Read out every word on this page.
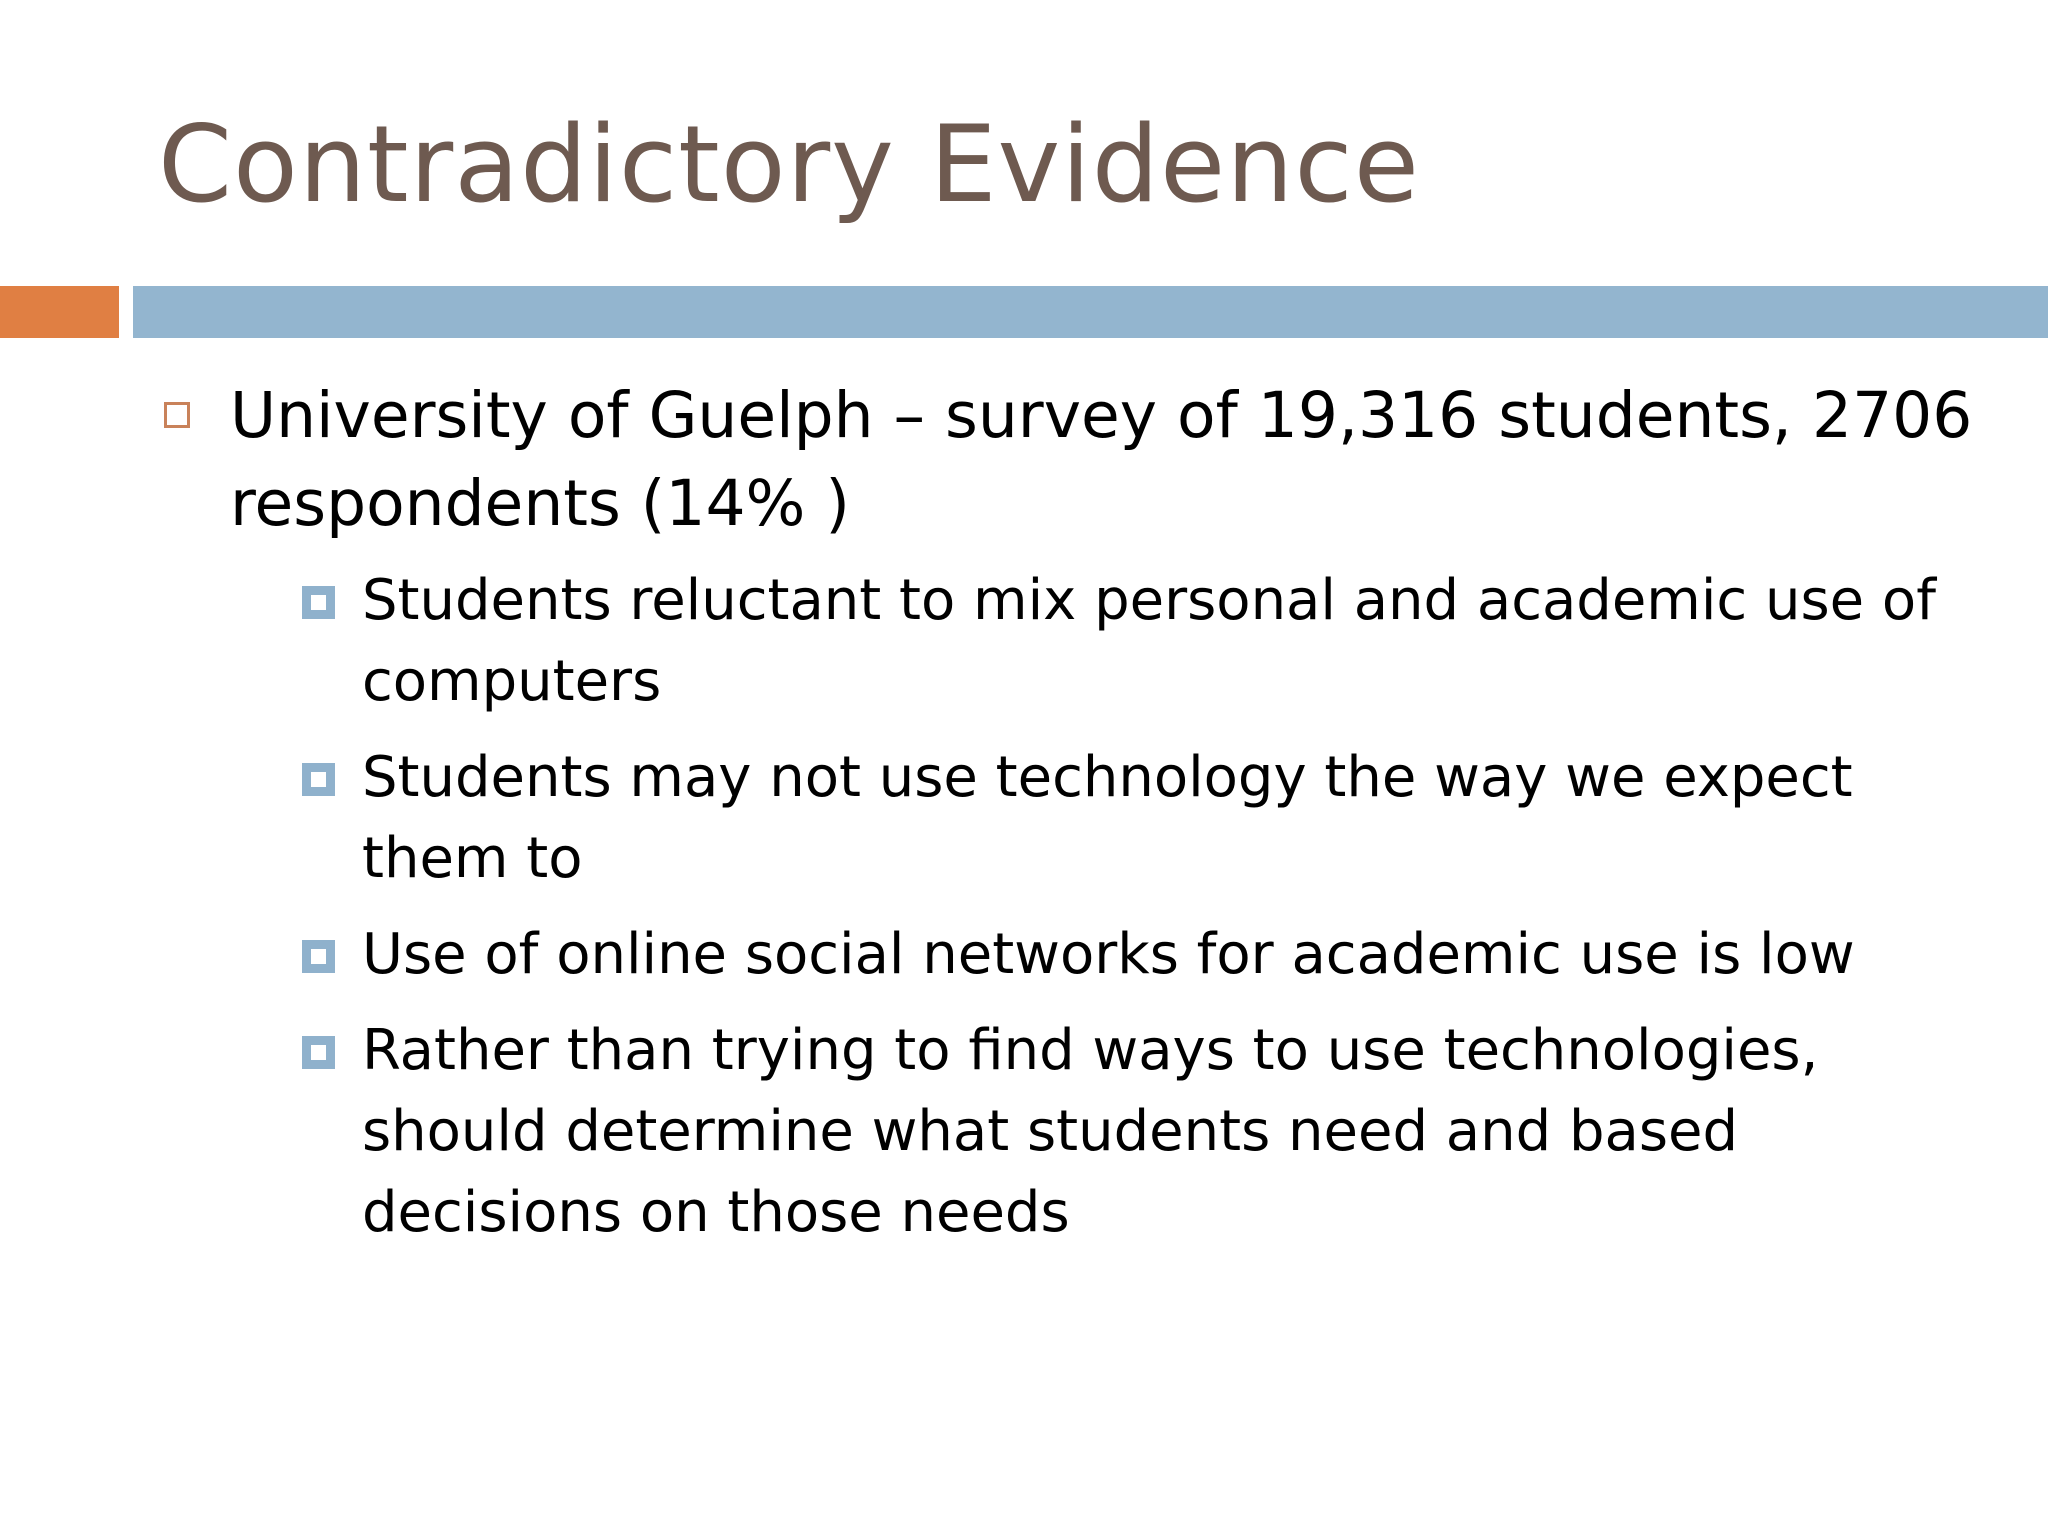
Contradictory Evidence
University of Guelph – survey of 19,316 students, 2706 respondents (14% )
Students reluctant to mix personal and academic use of computers
Students may not use technology the way we expect them to
Use of online social networks for academic use is low
Rather than trying to find ways to use technologies, should determine what students need and based decisions on those needs
